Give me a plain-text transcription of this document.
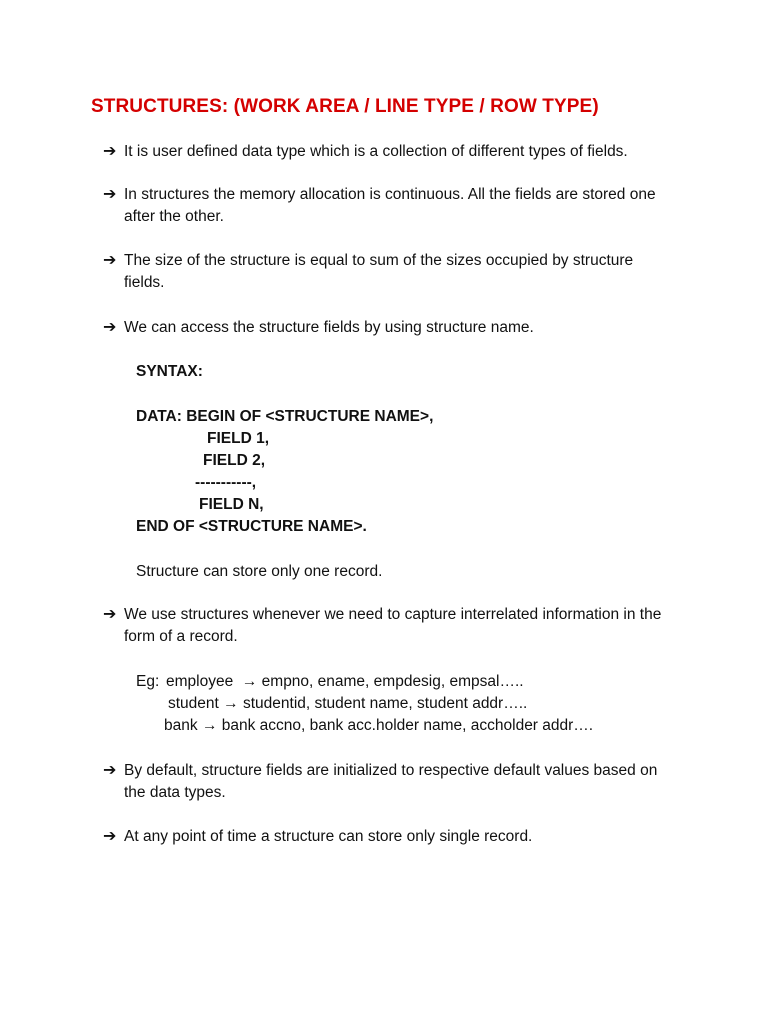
STRUCTURES: (WORK AREA / LINE TYPE / ROW TYPE)
➔ It is user defined data type which is a collection of different types of fields.
➔ In structures the memory allocation is continuous. All the fields are stored one after the other.
➔ The size of the structure is equal to sum of the sizes occupied by structure fields.
➔ We can access the structure fields by using structure name.
SYNTAX:
DATA: BEGIN OF <STRUCTURE NAME>,
FIELD 1,
FIELD 2,
-----------,
FIELD N,
END OF <STRUCTURE NAME>.
Structure can store only one record.
➔ We use structures whenever we need to capture interrelated information in the form of a record.
Eg: employee → empno, ename, empdesig, empsal…..
student → studentid, student name, student addr…..
bank → bank accno, bank acc.holder name, accholder addr….
➔ By default, structure fields are initialized to respective default values based on the data types.
➔ At any point of time a structure can store only single record.
